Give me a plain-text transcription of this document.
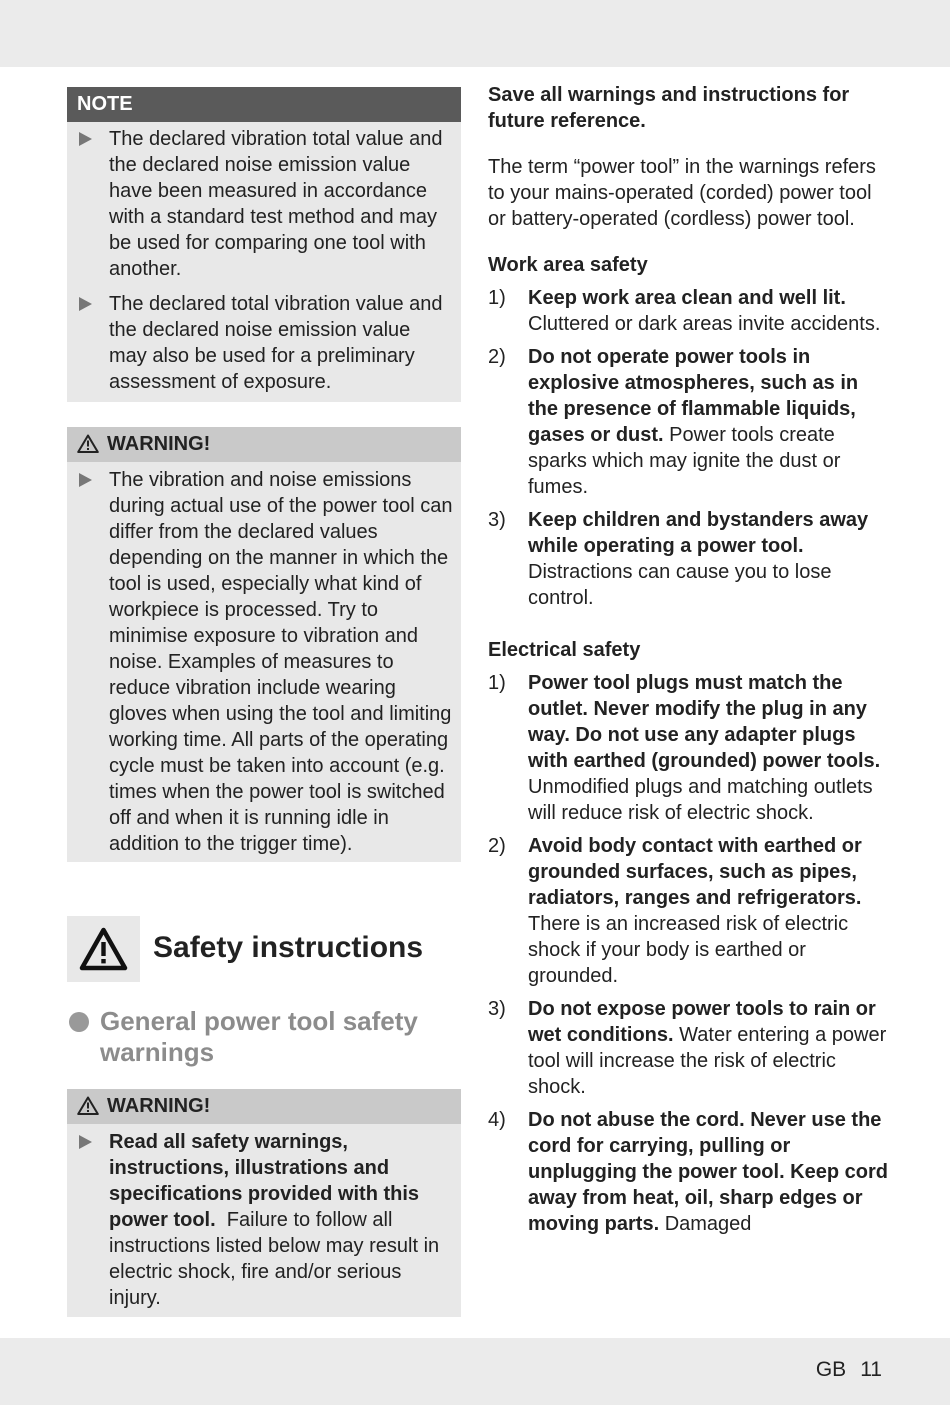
NOTE
The declared vibration total value and the declared noise emission value have been measured in accordance with a standard test method and may be used for comparing one tool with another.
The declared total vibration value and the declared noise emission value may also be used for a preliminary assessment of exposure.
WARNING!
The vibration and noise emissions during actual use of the power tool can differ from the declared values depending on the manner in which the tool is used, especially what kind of workpiece is processed. Try to minimise exposure to vibration and noise. Examples of measures to reduce vibration include wearing gloves when using the tool and limiting working time. All parts of the operating cycle must be taken into account (e.g. times when the power tool is switched off and when it is running idle in addition to the trigger time).
Safety instructions
General power tool safety warnings
WARNING!
Read all safety warnings, instructions, illustrations and specifications provided with this power tool. Failure to follow all instructions listed below may result in electric shock, fire and/or serious injury.

Save all warnings and instructions for future reference.

The term “power tool” in the warnings refers to your mains-operated (corded) power tool or battery-operated (cordless) power tool.

Work area safety

1) Keep work area clean and well lit. Cluttered or dark areas invite accidents.
2) Do not operate power tools in explosive atmospheres, such as in the presence of flammable liquids, gases or dust. Power tools create sparks which may ignite the dust or fumes.
3) Keep children and bystanders away while operating a power tool. Distractions can cause you to lose control.

Electrical safety

1) Power tool plugs must match the outlet. Never modify the plug in any way. Do not use any adapter plugs with earthed (grounded) power tools. Unmodified plugs and matching outlets will reduce risk of electric shock.
2) Avoid body contact with earthed or grounded surfaces, such as pipes, radiators, ranges and refrigerators. There is an increased risk of electric shock if your body is earthed or grounded.
3) Do not expose power tools to rain or wet conditions. Water entering a power tool will increase the risk of electric shock.
4) Do not abuse the cord. Never use the cord for carrying, pulling or unplugging the power tool. Keep cord away from heat, oil, sharp edges or moving parts. Damaged
GB 11
